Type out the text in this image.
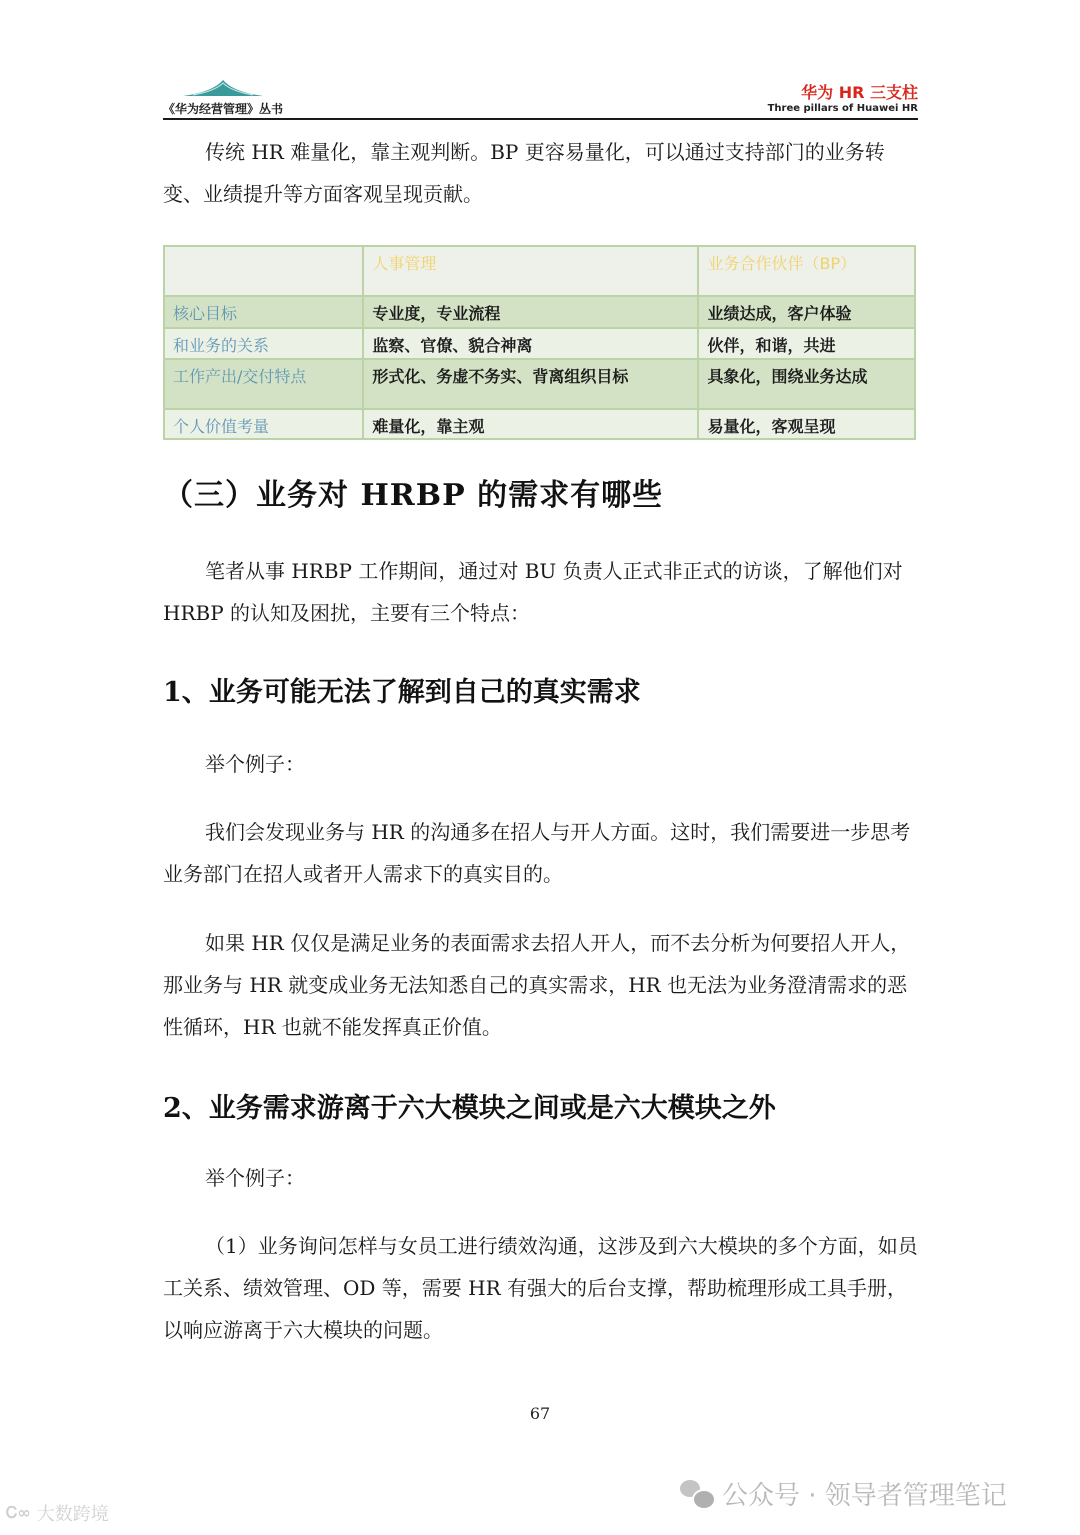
《华为经营管理》丛书
华为 HR 三支柱
Three pillars of Huawei HR
传统 HR 难量化，靠主观判断。BP 更容易量化，可以通过支持部门的业务转变、业绩提升等方面客观呈现贡献。
	人事管理	业务合作伙伴（BP）
核心目标	专业度，专业流程	业绩达成，客户体验
和业务的关系	监察、官僚、貌合神离	伙伴，和谐，共进
工作产出/交付特点	形式化、务虚不务实、背离组织目标	具象化，围绕业务达成
个人价值考量	难量化，靠主观	易量化，客观呈现
（三）业务对 HRBP 的需求有哪些
笔者从事 HRBP 工作期间，通过对 BU 负责人正式非正式的访谈，了解他们对 HRBP 的认知及困扰，主要有三个特点：
1、业务可能无法了解到自己的真实需求
举个例子：
我们会发现业务与 HR 的沟通多在招人与开人方面。这时，我们需要进一步思考业务部门在招人或者开人需求下的真实目的。
如果 HR 仅仅是满足业务的表面需求去招人开人，而不去分析为何要招人开人，那业务与 HR 就变成业务无法知悉自己的真实需求，HR 也无法为业务澄清需求的恶性循环，HR 也就不能发挥真正价值。
2、业务需求游离于六大模块之间或是六大模块之外
举个例子：
（1）业务询问怎样与女员工进行绩效沟通，这涉及到六大模块的多个方面，如员工关系、绩效管理、OD 等，需要 HR 有强大的后台支撑，帮助梳理形成工具手册，以响应游离于六大模块的问题。
67
公众号 · 领导者管理笔记
Ꮯ∞ 大数跨境
